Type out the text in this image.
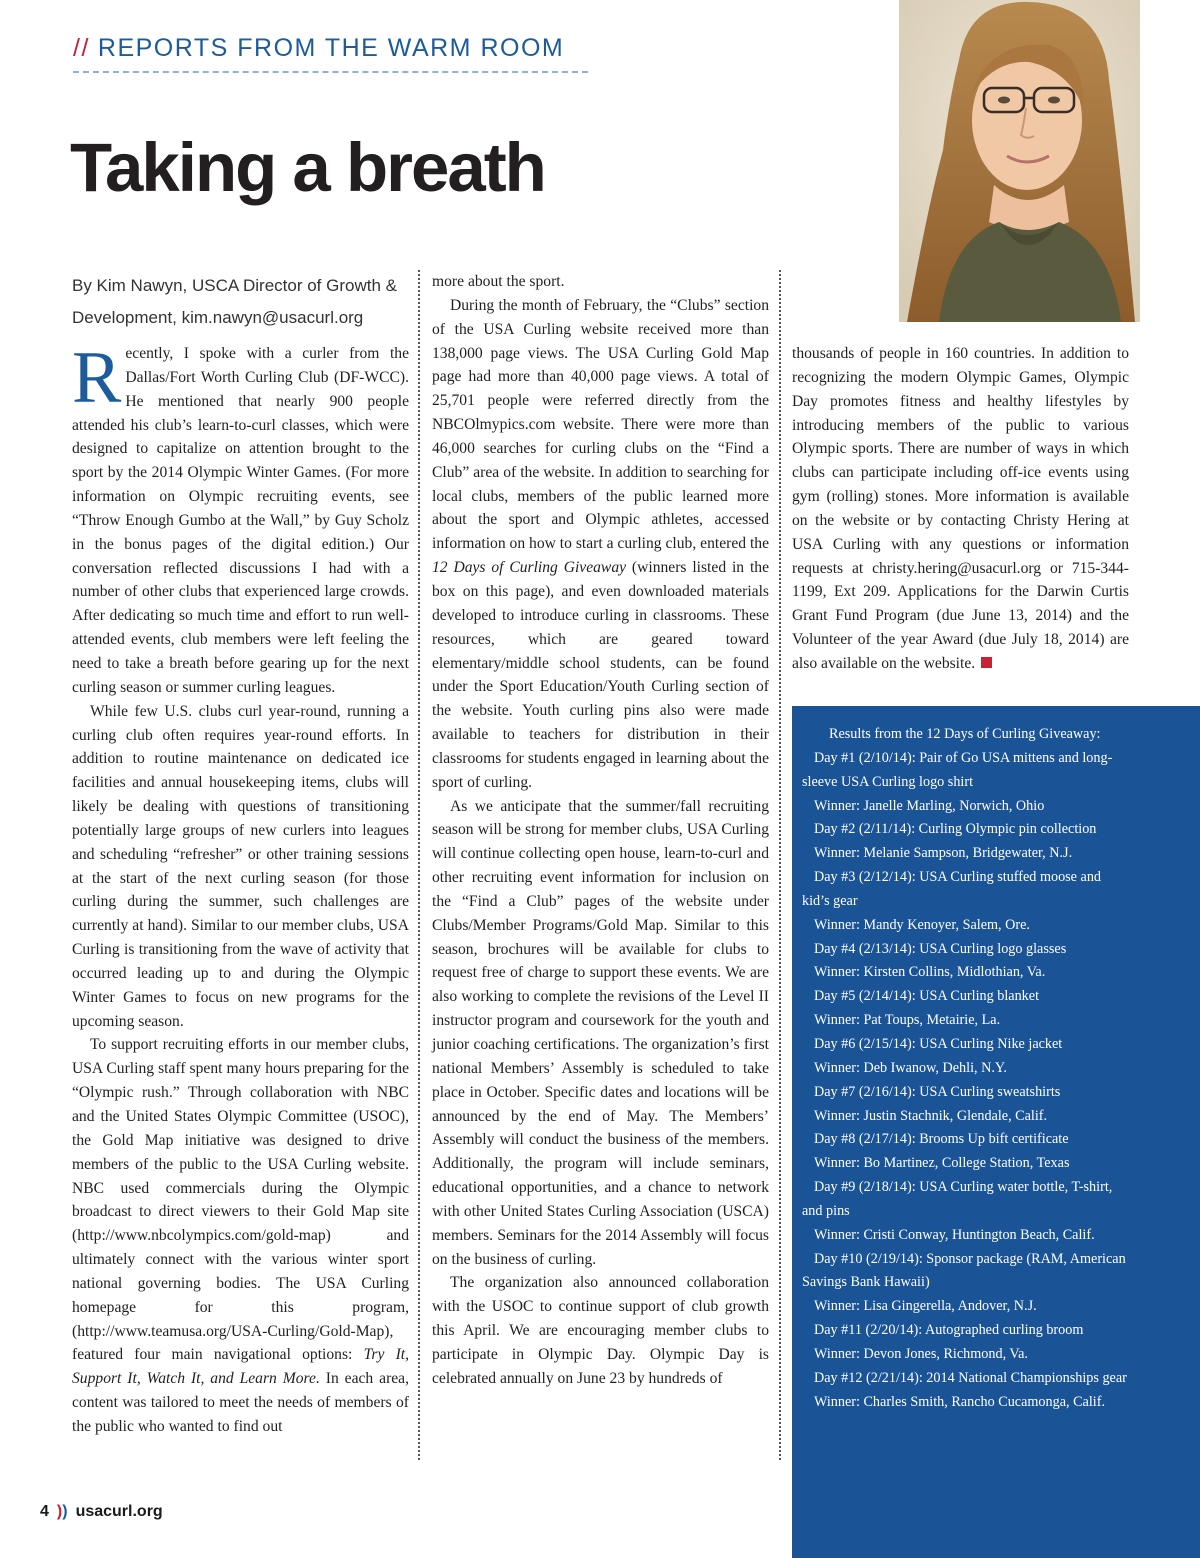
// REPORTS FROM THE WARM ROOM
Taking a breath
By Kim Nawyn, USCA Director of Growth & Development, kim.nawyn@usacurl.org

Recently, I spoke with a curler from the Dallas/Fort Worth Curling Club (DF-WCC). He mentioned that nearly 900 people attended his club’s learn-to-curl classes, which were designed to capitalize on attention brought to the sport by the 2014 Olympic Winter Games. (For more information on Olympic recruiting events, see “Throw Enough Gumbo at the Wall,” by Guy Scholz in the bonus pages of the digital edition.) Our conversation reflected discussions I had with a number of other clubs that experienced large crowds. After dedicating so much time and effort to run well-attended events, club members were left feeling the need to take a breath before gearing up for the next curling season or summer curling leagues.

While few U.S. clubs curl year-round, running a curling club often requires year-round efforts. In addition to routine maintenance on dedicated ice facilities and annual housekeeping items, clubs will likely be dealing with questions of transitioning potentially large groups of new curlers into leagues and scheduling “refresher” or other training sessions at the start of the next curling season (for those curling during the summer, such challenges are currently at hand). Similar to our member clubs, USA Curling is transitioning from the wave of activity that occurred leading up to and during the Olympic Winter Games to focus on new programs for the upcoming season.

To support recruiting efforts in our member clubs, USA Curling staff spent many hours preparing for the “Olympic rush.” Through collaboration with NBC and the United States Olympic Committee (USOC), the Gold Map initiative was designed to drive members of the public to the USA Curling website. NBC used commercials during the Olympic broadcast to direct viewers to their Gold Map site (http://www.nbcolympics.com/gold-map) and ultimately connect with the various winter sport national governing bodies. The USA Curling homepage for this program, (http://www.teamusa.org/USA-Curling/Gold-Map), featured four main navigational options: Try It, Support It, Watch It, and Learn More. In each area, content was tailored to meet the needs of members of the public who wanted to find out

more about the sport.

During the month of February, the “Clubs” section of the USA Curling website received more than 138,000 page views. The USA Curling Gold Map page had more than 40,000 page views. A total of 25,701 people were referred directly from the NBCOlmypics.com website. There were more than 46,000 searches for curling clubs on the “Find a Club” area of the website. In addition to searching for local clubs, members of the public learned more about the sport and Olympic athletes, accessed information on how to start a curling club, entered the 12 Days of Curling Giveaway (winners listed in the box on this page), and even downloaded materials developed to introduce curling in classrooms. These resources, which are geared toward elementary/middle school students, can be found under the Sport Education/Youth Curling section of the website. Youth curling pins also were made available to teachers for distribution in their classrooms for students engaged in learning about the sport of curling.

As we anticipate that the summer/fall recruiting season will be strong for member clubs, USA Curling will continue collecting open house, learn-to-curl and other recruiting event information for inclusion on the “Find a Club” pages of the website under Clubs/Member Programs/Gold Map. Similar to this season, brochures will be available for clubs to request free of charge to support these events. We are also working to complete the revisions of the Level II instructor program and coursework for the youth and junior coaching certifications. The organization’s first national Members’ Assembly is scheduled to take place in October. Specific dates and locations will be announced by the end of May. The Members’ Assembly will conduct the business of the members. Additionally, the program will include seminars, educational opportunities, and a chance to network with other United States Curling Association (USCA) members. Seminars for the 2014 Assembly will focus on the business of curling.

The organization also announced collaboration with the USOC to continue support of club growth this April. We are encouraging member clubs to participate in Olympic Day. Olympic Day is celebrated annually on June 23 by hundreds of

thousands of people in 160 countries. In addition to recognizing the modern Olympic Games, Olympic Day promotes fitness and healthy lifestyles by introducing members of the public to various Olympic sports. There are number of ways in which clubs can participate including off-ice events using gym (rolling) stones. More information is available on the website or by contacting Christy Hering at USA Curling with any questions or information requests at christy.hering@usacurl.org or 715-344-1199, Ext 209. Applications for the Darwin Curtis Grant Fund Program (due June 13, 2014) and the Volunteer of the year Award (due July 18, 2014) are also available on the website.

Results from the 12 Days of Curling Giveaway:
Day #1 (2/10/14): Pair of Go USA mittens and long-sleeve USA Curling logo shirt
Winner: Janelle Marling, Norwich, Ohio
Day #2 (2/11/14): Curling Olympic pin collection
Winner: Melanie Sampson, Bridgewater, N.J.
Day #3 (2/12/14): USA Curling stuffed moose and kid’s gear
Winner: Mandy Kenoyer, Salem, Ore.
Day #4 (2/13/14): USA Curling logo glasses
Winner: Kirsten Collins, Midlothian, Va.
Day #5 (2/14/14): USA Curling blanket
Winner: Pat Toups, Metairie, La.
Day #6 (2/15/14): USA Curling Nike jacket
Winner: Deb Iwanow, Dehli, N.Y.
Day #7 (2/16/14): USA Curling sweatshirts
Winner: Justin Stachnik, Glendale, Calif.
Day #8 (2/17/14): Brooms Up bift certificate
Winner: Bo Martinez, College Station, Texas
Day #9 (2/18/14): USA Curling water bottle, T-shirt, and pins
Winner: Cristi Conway, Huntington Beach, Calif.
Day #10 (2/19/14): Sponsor package (RAM, American Savings Bank Hawaii)
Winner: Lisa Gingerella, Andover, N.J.
Day #11 (2/20/14): Autographed curling broom
Winner: Devon Jones, Richmond, Va.
Day #12 (2/21/14): 2014 National Championships gear
Winner: Charles Smith, Rancho Cucamonga, Calif.
4 )) usacurl.org
